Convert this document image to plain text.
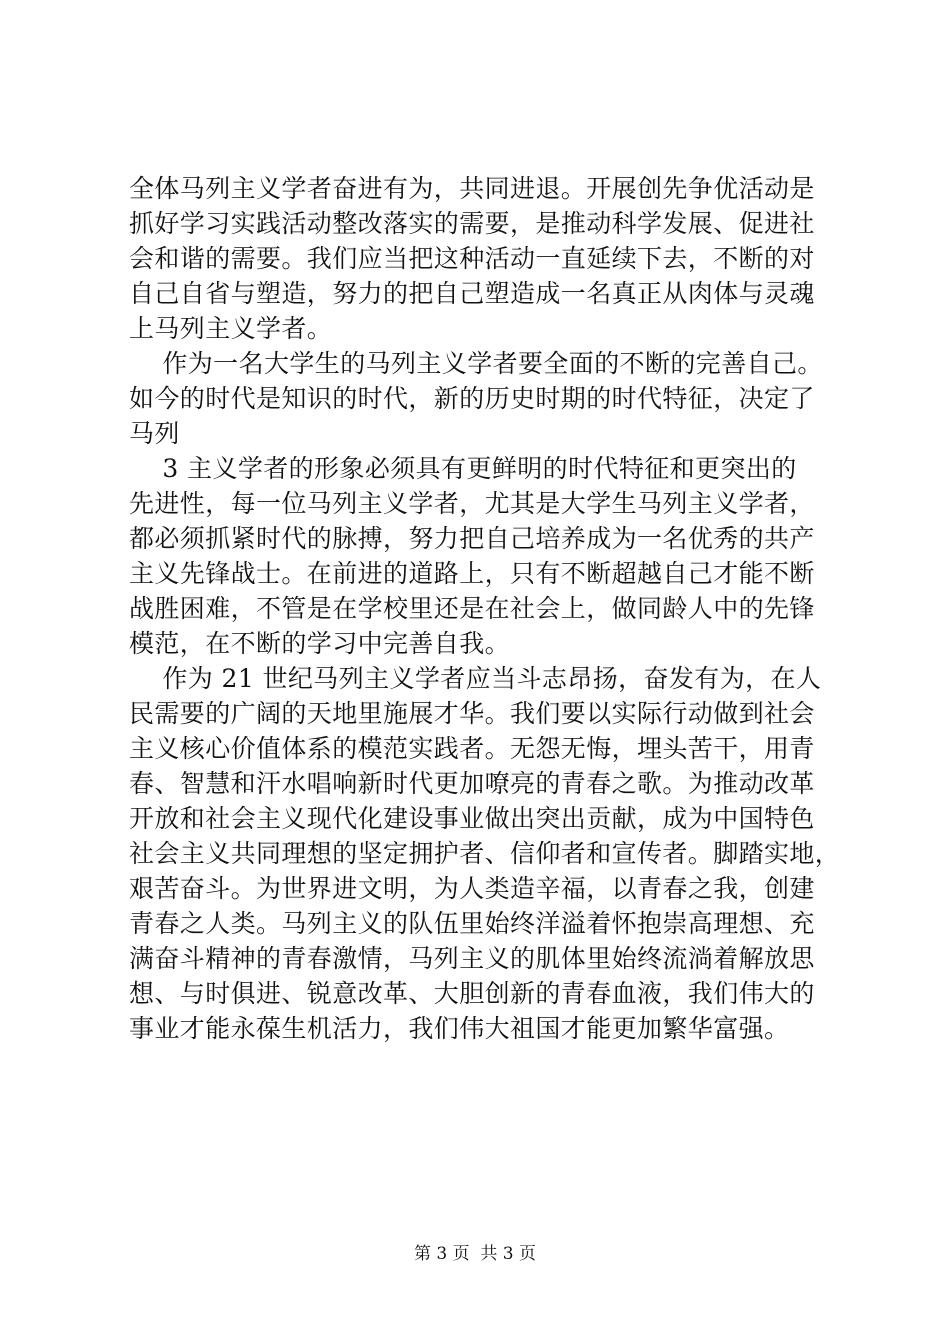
全体马列主义学者奋进有为，共同进退。开展创先争优活动是
抓好学习实践活动整改落实的需要，是推动科学发展、促进社
会和谐的需要。我们应当把这种活动一直延续下去，不断的对
自己自省与塑造，努力的把自己塑造成一名真正从肉体与灵魂
上马列主义学者。
作为一名大学生的马列主义学者要全面的不断的完善自己。
如今的时代是知识的时代，新的历史时期的时代特征，决定了
马列
3 主义学者的形象必须具有更鲜明的时代特征和更突出的
先进性，每一位马列主义学者，尤其是大学生马列主义学者，
都必须抓紧时代的脉搏，努力把自己培养成为一名优秀的共产
主义先锋战士。在前进的道路上，只有不断超越自己才能不断
战胜困难，不管是在学校里还是在社会上，做同龄人中的先锋
模范，在不断的学习中完善自我。
作为 21 世纪马列主义学者应当斗志昂扬，奋发有为，在人
民需要的广阔的天地里施展才华。我们要以实际行动做到社会
主义核心价值体系的模范实践者。无怨无悔，埋头苦干，用青
春、智慧和汗水唱响新时代更加嘹亮的青春之歌。为推动改革
开放和社会主义现代化建设事业做出突出贡献，成为中国特色
社会主义共同理想的坚定拥护者、信仰者和宣传者。脚踏实地，
艰苦奋斗。为世界进文明，为人类造辛福，以青春之我，创建
青春之人类。马列主义的队伍里始终洋溢着怀抱崇高理想、充
满奋斗精神的青春激情，马列主义的肌体里始终流淌着解放思
想、与时俱进、锐意改革、大胆创新的青春血液，我们伟大的
事业才能永葆生机活力，我们伟大祖国才能更加繁华富强。
第 3 页  共 3 页
